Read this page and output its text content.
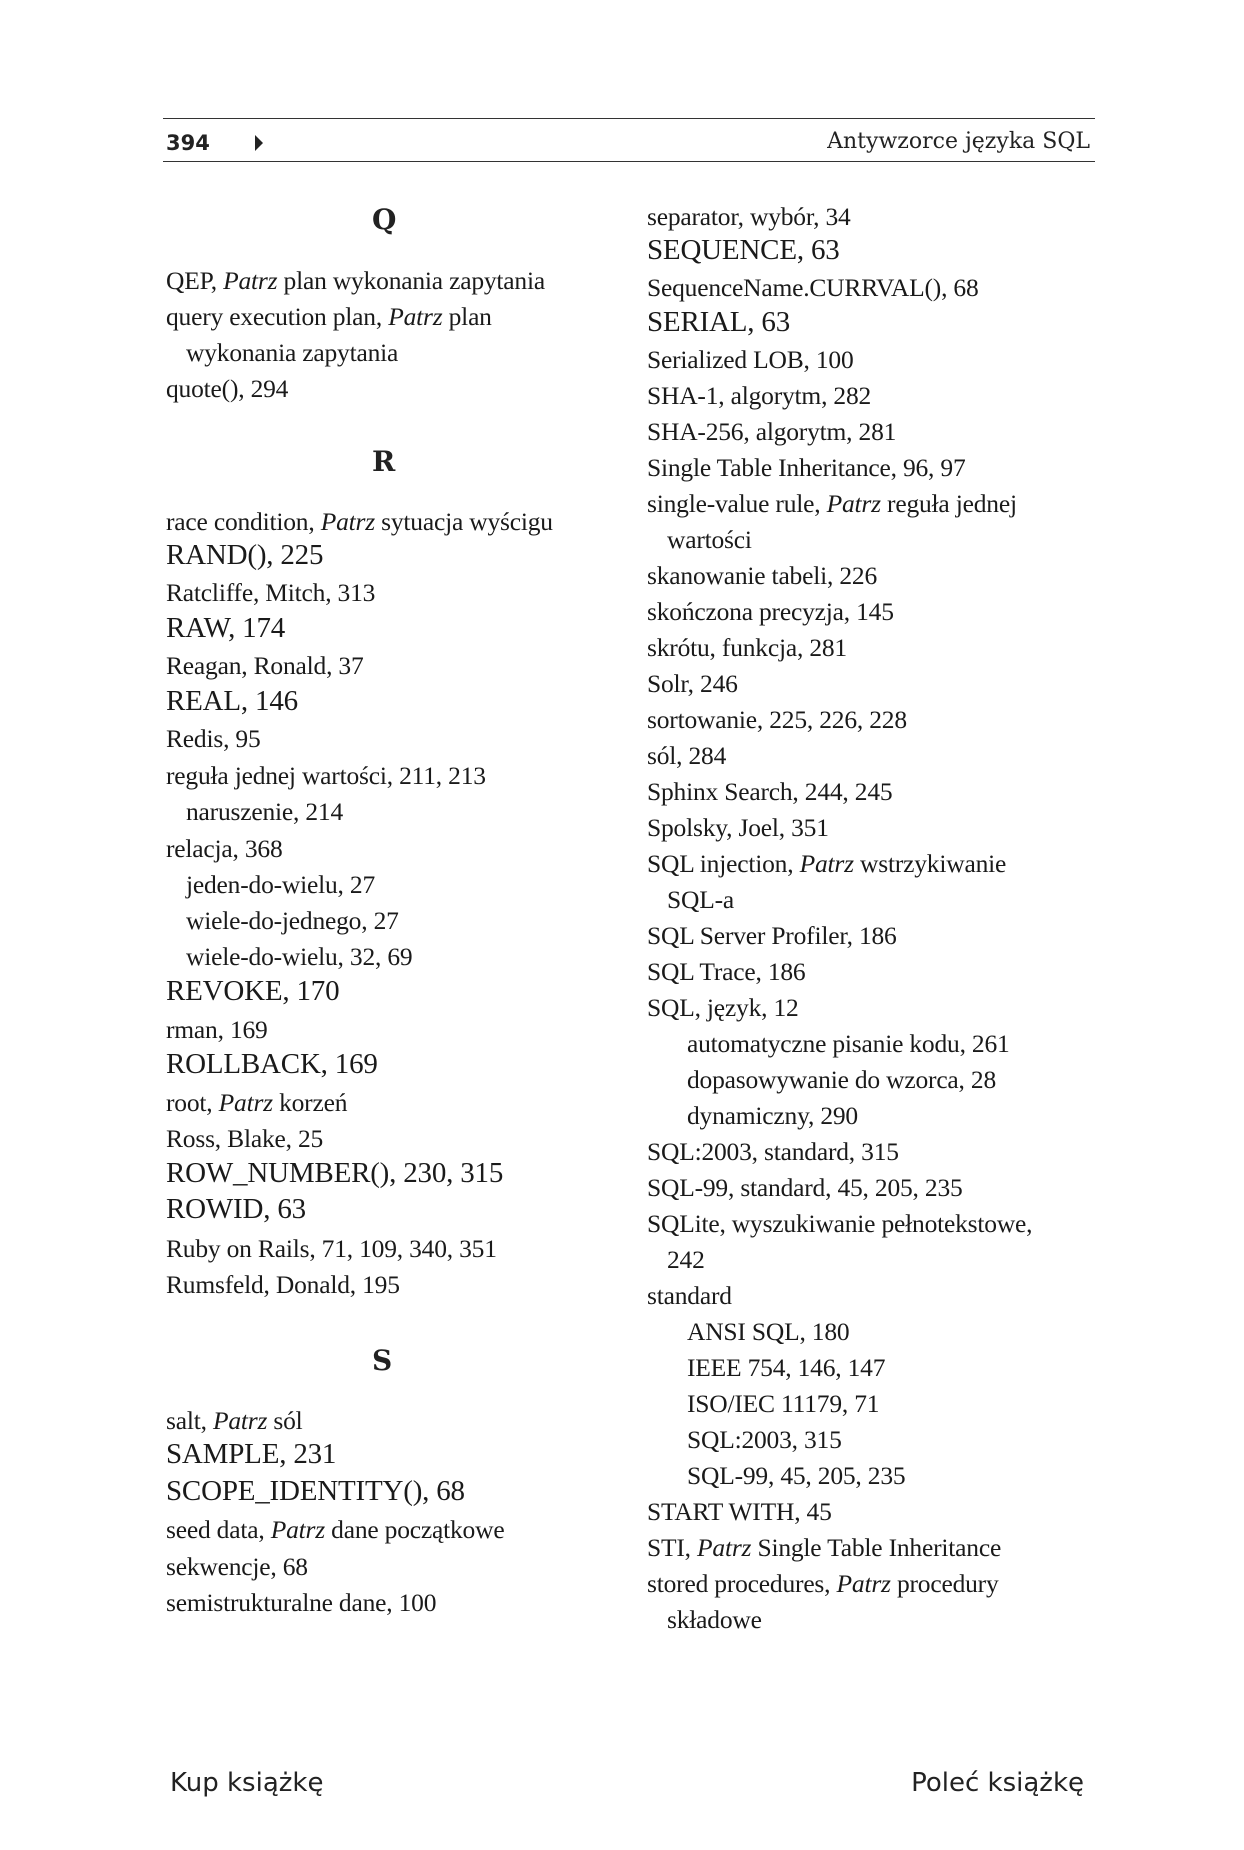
394	Antywzorce języka SQL
Q
QEP, Patrz plan wykonania zapytania
query execution plan, Patrz plan
wykonania zapytania
quote(), 294
R
race condition, Patrz sytuacja wyścigu
RAND(), 225
Ratcliffe, Mitch, 313
RAW, 174
Reagan, Ronald, 37
REAL, 146
Redis, 95
reguła jednej wartości, 211, 213
naruszenie, 214
relacja, 368
jeden-do-wielu, 27
wiele-do-jednego, 27
wiele-do-wielu, 32, 69
REVOKE, 170
rman, 169
ROLLBACK, 169
root, Patrz korzeń
Ross, Blake, 25
ROW_NUMBER(), 230, 315
ROWID, 63
Ruby on Rails, 71, 109, 340, 351
Rumsfeld, Donald, 195
S
salt, Patrz sól
SAMPLE, 231
SCOPE_IDENTITY(), 68
seed data, Patrz dane początkowe
sekwencje, 68
semistrukturalne dane, 100
separator, wybór, 34
SEQUENCE, 63
SequenceName.CURRVAL(), 68
SERIAL, 63
Serialized LOB, 100
SHA-1, algorytm, 282
SHA-256, algorytm, 281
Single Table Inheritance, 96, 97
single-value rule, Patrz reguła jednej
wartości
skanowanie tabeli, 226
skończona precyzja, 145
skrótu, funkcja, 281
Solr, 246
sortowanie, 225, 226, 228
sól, 284
Sphinx Search, 244, 245
Spolsky, Joel, 351
SQL injection, Patrz wstrzykiwanie
SQL-a
SQL Server Profiler, 186
SQL Trace, 186
SQL, język, 12
automatyczne pisanie kodu, 261
dopasowywanie do wzorca, 28
dynamiczny, 290
SQL:2003, standard, 315
SQL-99, standard, 45, 205, 235
SQLite, wyszukiwanie pełnotekstowe,
242
standard
ANSI SQL, 180
IEEE 754, 146, 147
ISO/IEC 11179, 71
SQL:2003, 315
SQL-99, 45, 205, 235
START WITH, 45
STI, Patrz Single Table Inheritance
stored procedures, Patrz procedury
składowe
Kup książkę	Poleć książkę
